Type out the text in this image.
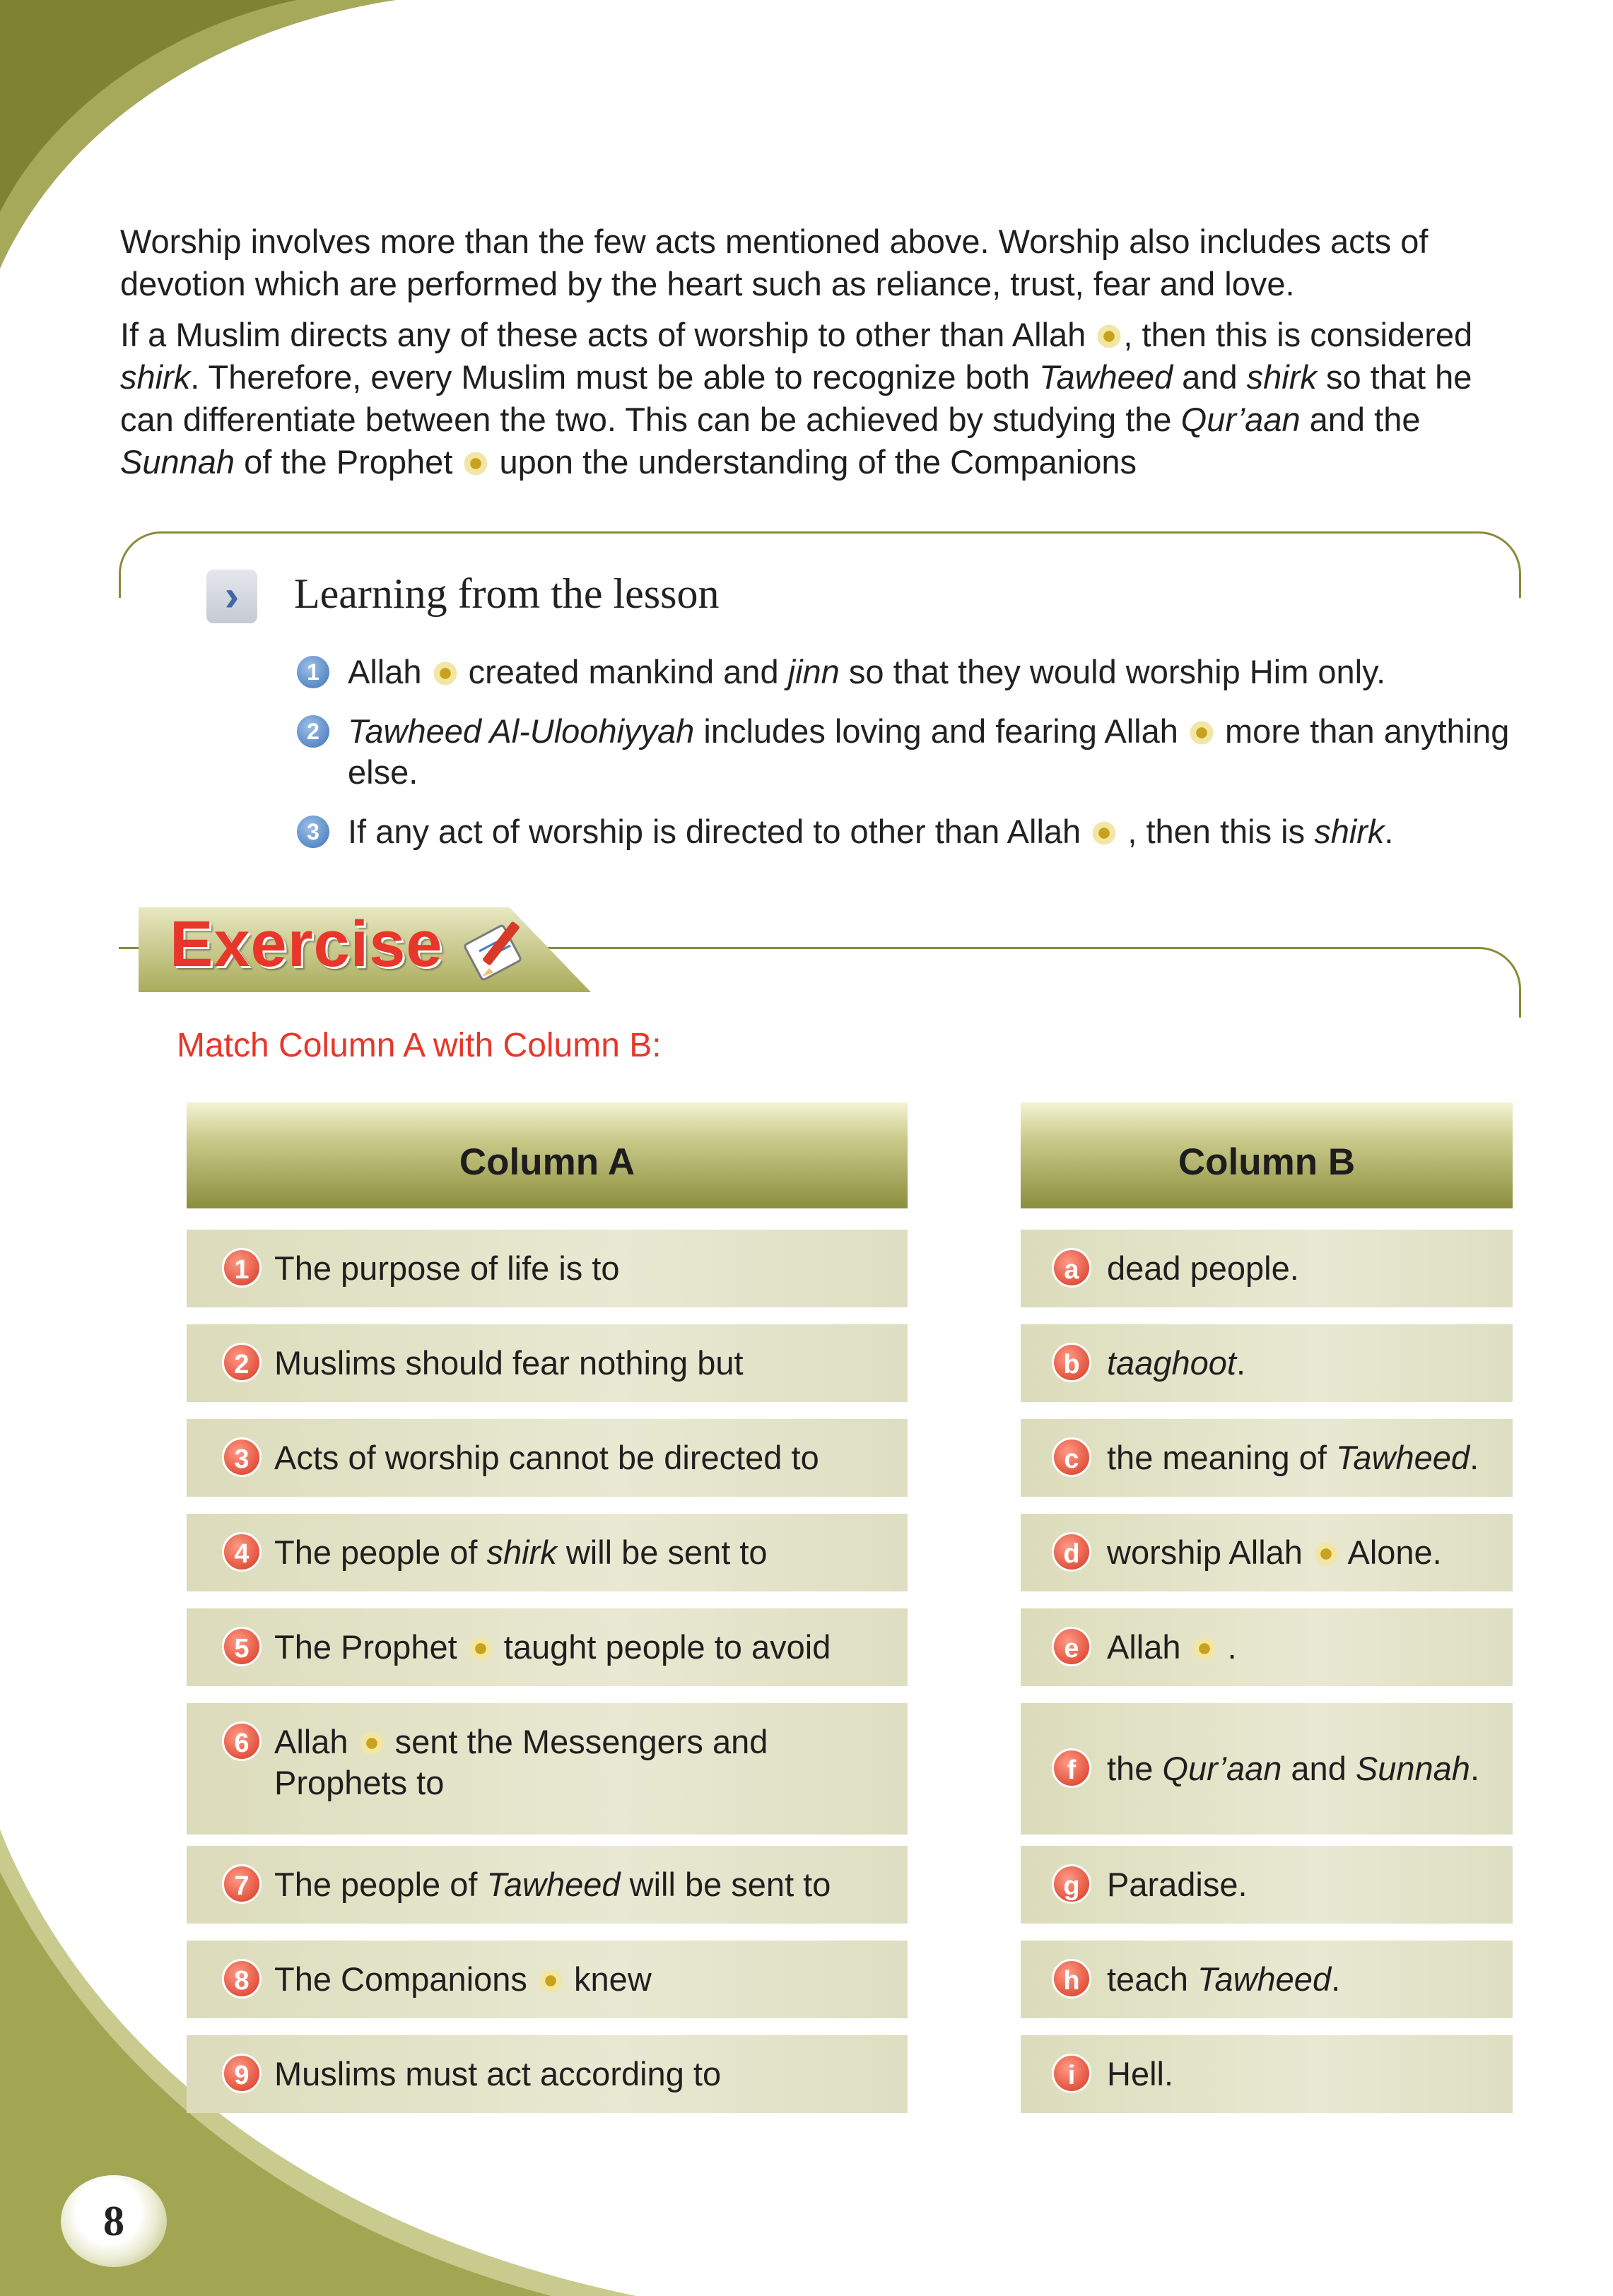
Worship involves more than the few acts mentioned above. Worship also includes acts of devotion which are performed by the heart such as reliance, trust, fear and love.

If a Muslim directs any of these acts of worship to other than Allah , then this is considered shirk. Therefore, every Muslim must be able to recognize both Tawheed and shirk so that he can differentiate between the two. This can be achieved by studying the Qur’aan and the Sunnah of the Prophet upon the understanding of the Companions

›	Learning from the lesson
1 Allah created mankind and jinn so that they would worship Him only.
2 Tawheed Al-Uloohiyyah includes loving and fearing Allah more than anything else.
3 If any act of worship is directed to other than Allah , then this is shirk.
Exercise
Match Column A with Column B:
Column A	Column B
1 The purpose of life is to
2 Muslims should fear nothing but
3 Acts of worship cannot be directed to
4 The people of shirk will be sent to
5 The Prophet taught people to avoid
6 Allah sent the Messengers and
Prophets to
7 The people of Tawheed will be sent to
8 The Companions knew
9 Muslims must act according to
a dead people.
b taaghoot.
c the meaning of Tawheed.
d worship Allah Alone.
e Allah .
f the Qur’aan and Sunnah.
g Paradise.
h teach Tawheed.
i Hell.
8
